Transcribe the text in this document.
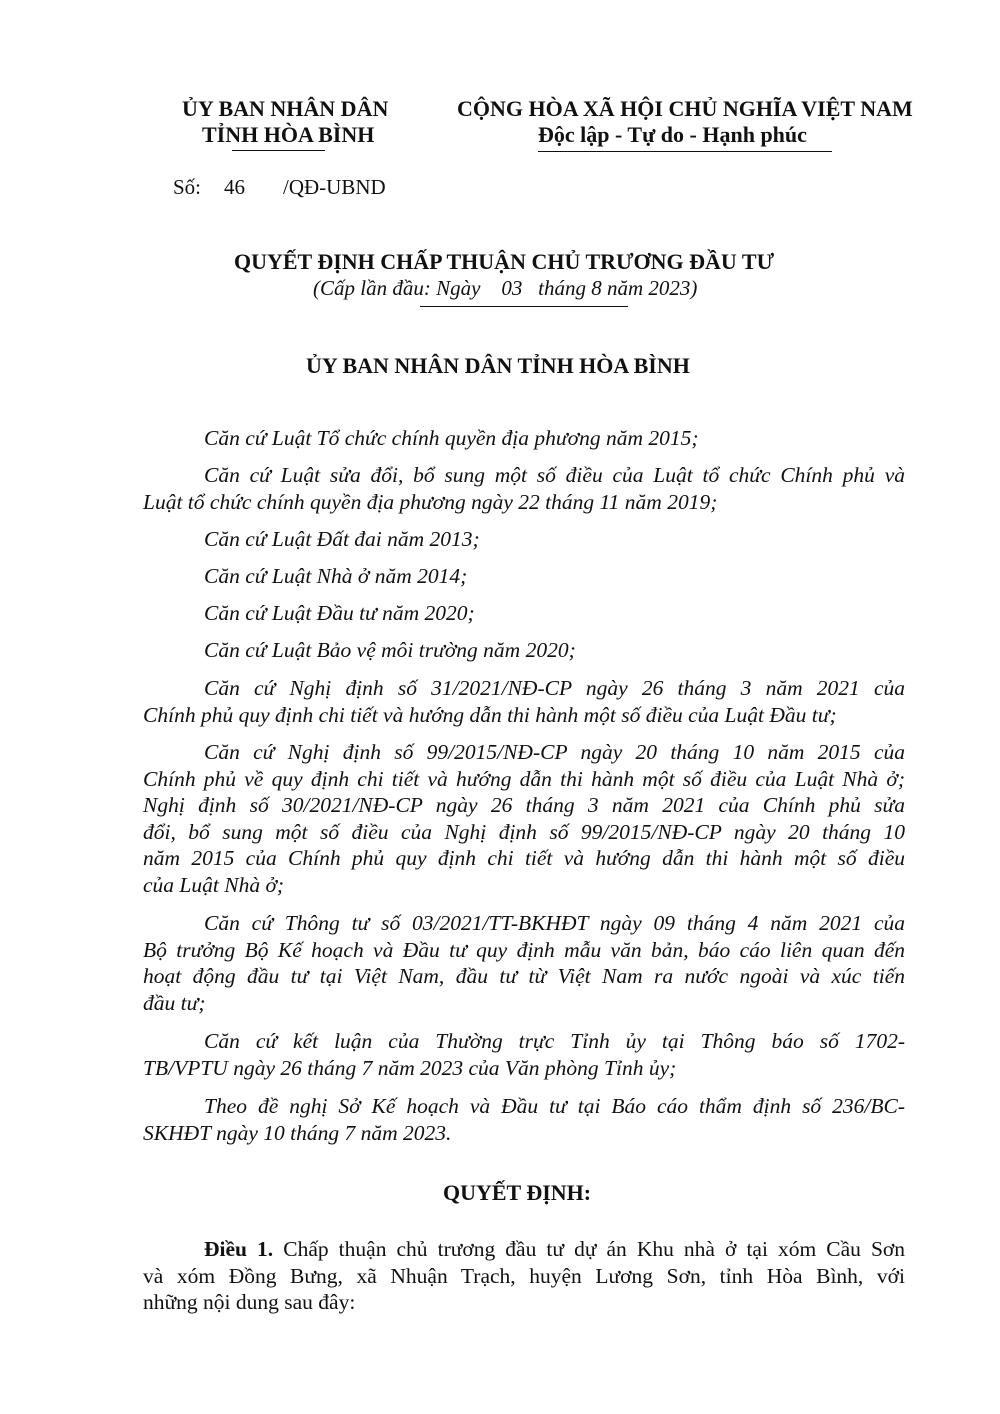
ỦY BAN NHÂN DÂN
TỈNH HÒA BÌNH
CỘNG HÒA XÃ HỘI CHỦ NGHĨA VIỆT NAM
Độc lập - Tự do - Hạnh phúc
Số: 46 /QĐ-UBND
QUYẾT ĐỊNH CHẤP THUẬN CHỦ TRƯƠNG ĐẦU TƯ
(Cấp lần đầu: Ngày    03   tháng 8 năm 2023)
ỦY BAN NHÂN DÂN TỈNH HÒA BÌNH
Căn cứ Luật Tổ chức chính quyền địa phương năm 2015;
Căn cứ Luật sửa đổi, bổ sung một số điều của Luật tổ chức Chính phủ và
Luật tổ chức chính quyền địa phương ngày 22 tháng 11 năm 2019;
Căn cứ Luật Đất đai năm 2013;
Căn cứ Luật Nhà ở năm 2014;
Căn cứ Luật Đầu tư năm 2020;
Căn cứ Luật Bảo vệ môi trường năm 2020;
Căn cứ Nghị định số 31/2021/NĐ-CP ngày 26 tháng 3 năm 2021 của
Chính phủ quy định chi tiết và hướng dẫn thi hành một số điều của Luật Đầu tư;
Căn cứ Nghị định số 99/2015/NĐ-CP ngày 20 tháng 10 năm 2015 của
Chính phủ về quy định chi tiết và hướng dẫn thi hành một số điều của Luật Nhà ở;
Nghị định số 30/2021/NĐ-CP ngày 26 tháng 3 năm 2021 của Chính phủ sửa
đổi, bổ sung một số điều của Nghị định số 99/2015/NĐ-CP ngày 20 tháng 10
năm 2015 của Chính phủ quy định chi tiết và hướng dẫn thi hành một số điều
của Luật Nhà ở;
Căn cứ Thông tư số 03/2021/TT-BKHĐT ngày 09 tháng 4 năm 2021 của
Bộ trưởng Bộ Kế hoạch và Đầu tư quy định mẫu văn bản, báo cáo liên quan đến
hoạt động đầu tư tại Việt Nam, đầu tư từ Việt Nam ra nước ngoài và xúc tiến
đầu tư;
Căn cứ kết luận của Thường trực Tỉnh ủy tại Thông báo số 1702-
TB/VPTU ngày 26 tháng 7 năm 2023 của Văn phòng Tỉnh ủy;
Theo đề nghị Sở Kế hoạch và Đầu tư tại Báo cáo thẩm định số 236/BC-
SKHĐT ngày 10 tháng 7 năm 2023.
QUYẾT ĐỊNH:
Điều 1. Chấp thuận chủ trương đầu tư dự án Khu nhà ở tại xóm Cầu Sơn
và xóm Đồng Bưng, xã Nhuận Trạch, huyện Lương Sơn, tỉnh Hòa Bình, với
những nội dung sau đây:
